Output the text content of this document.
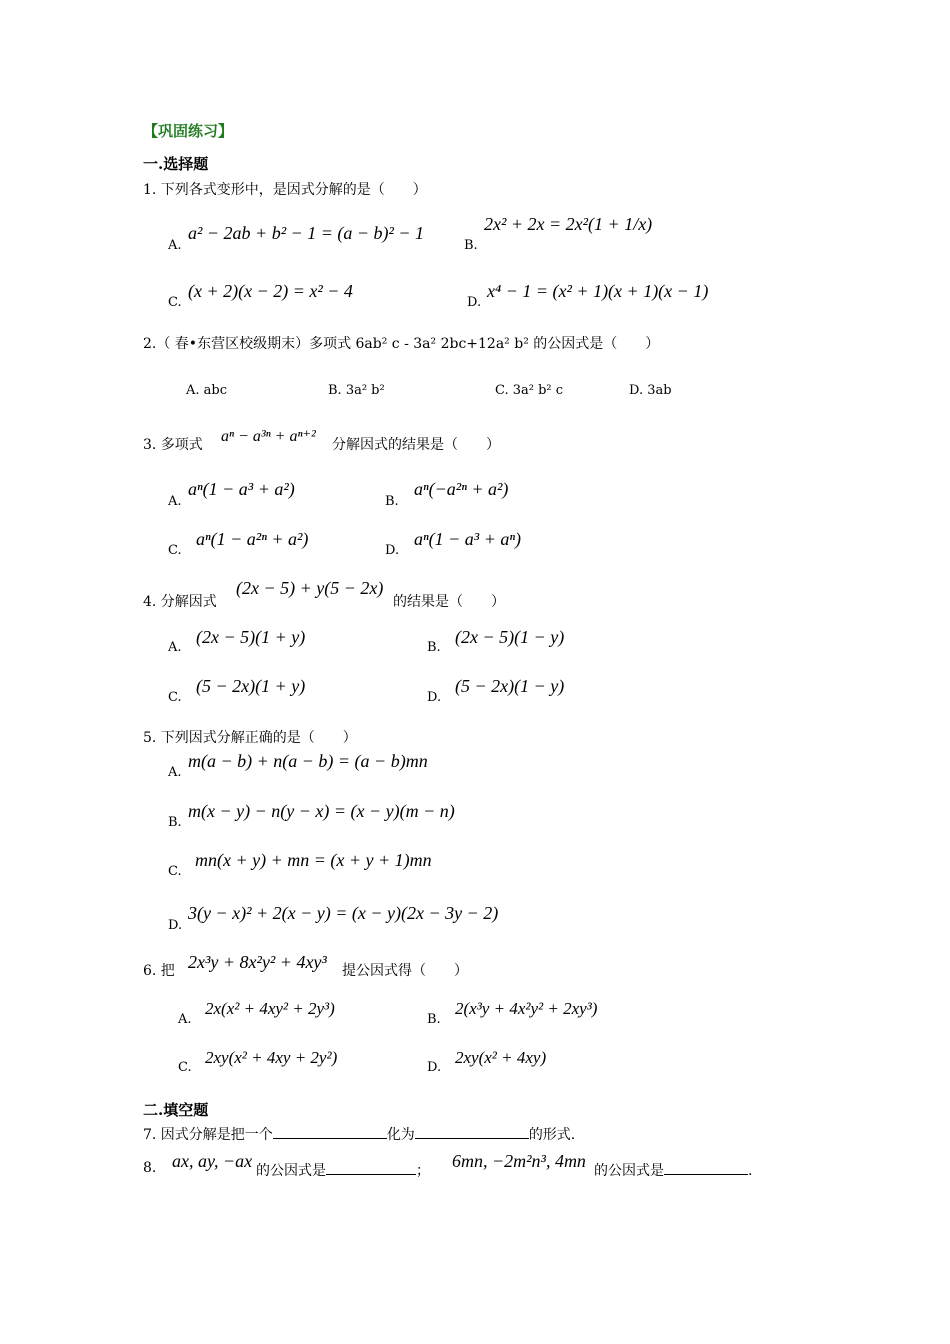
【巩固练习】
一.选择题
1. 下列各式变形中，是因式分解的是（　　）
A.
a² − 2ab + b² − 1 = (a − b)² − 1
B.
2x² + 2x = 2x²(1 + 1/x)
C.
(x + 2)(x − 2) = x² − 4
D.
x⁴ − 1 = (x² + 1)(x + 1)(x − 1)
2.（ 春•东营区校级期末）多项式 6ab² c - 3a² 2bc+12a² b² 的公因式是（　　）
A. abc	B. 3a² b²	C. 3a² b² c	D. 3ab
3. 多项式 aⁿ − a³ⁿ + aⁿ⁺² 分解因式的结果是（　　）
A.
aⁿ(1 − a³ + a²)
B.
aⁿ(−a²ⁿ + a²)
C.
aⁿ(1 − a²ⁿ + a²)
D.
aⁿ(1 − a³ + aⁿ)
4. 分解因式
(2x − 5) + y(5 − 2x)
的结果是（　　）
A.
(2x − 5)(1 + y)
B.
(2x − 5)(1 − y)
C.
(5 − 2x)(1 + y)
D.
(5 − 2x)(1 − y)
5. 下列因式分解正确的是（　　）
A.
m(a − b) + n(a − b) = (a − b)mn
B.
m(x − y) − n(y − x) = (x − y)(m − n)
C.
mn(x + y) + mn = (x + y + 1)mn
D.
3(y − x)² + 2(x − y) = (x − y)(2x − 3y − 2)
6. 把 2x³y + 8x²y² + 4xy³ 提公因式得（　　）
A.
2x(x² + 4xy² + 2y³)
B.
2(x³y + 4x²y² + 2xy³)
C.
2xy(x² + 4xy + 2y²)
D.
2xy(x² + 4xy)
二.填空题
7. 因式分解是把一个	化为	的形式.
8. ax, ay, −ax 的公因式是	； 6mn, −2m²n³, 4mn 的公因式是	.
